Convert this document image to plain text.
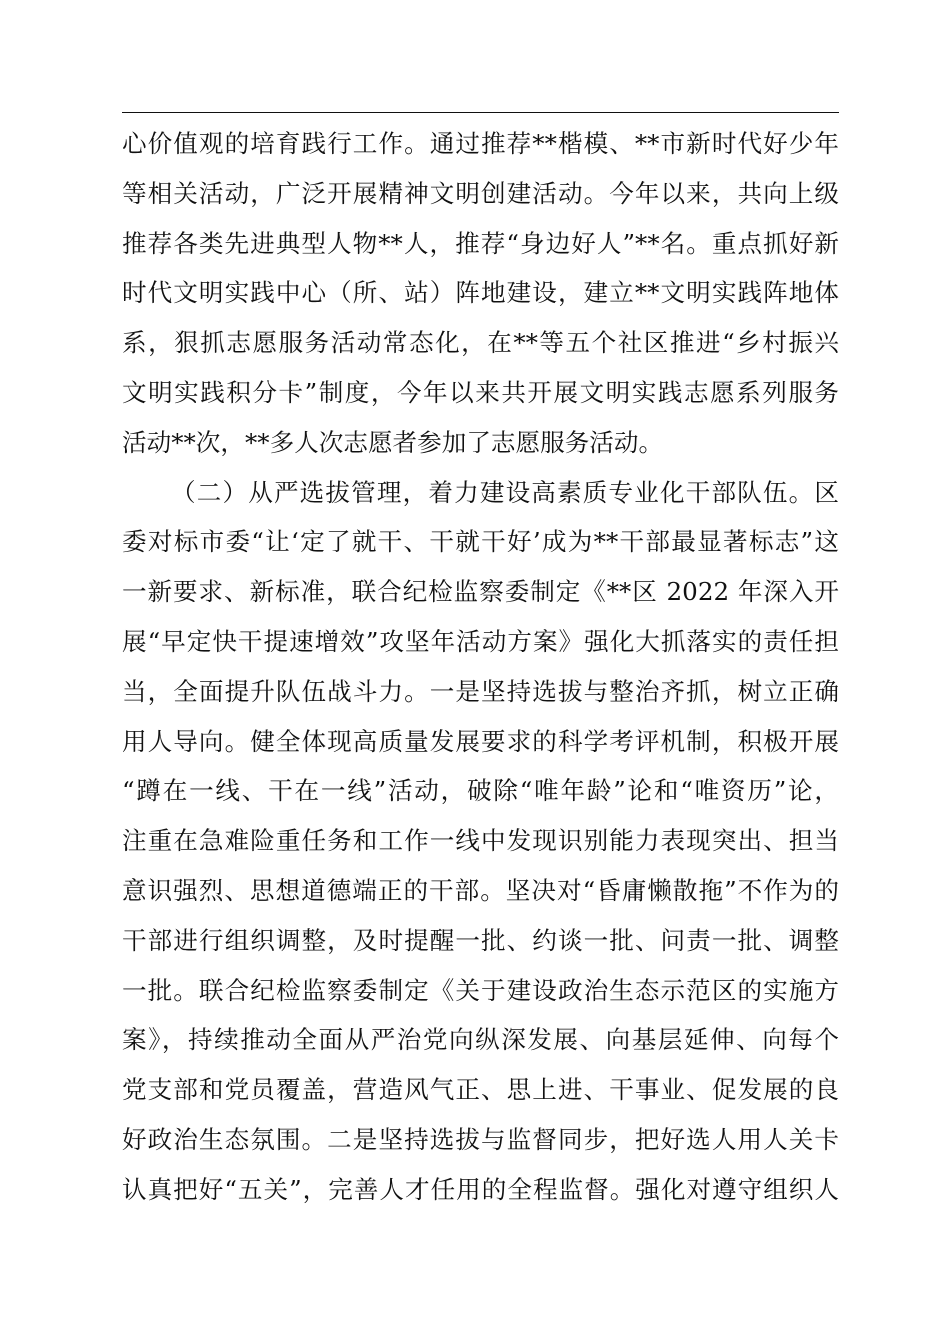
心价值观的培育践行工作。通过推荐**楷模、**市新时代好少年
等相关活动，广泛开展精神文明创建活动。今年以来，共向上级
推荐各类先进典型人物**人，推荐“身边好人”**名。重点抓好新
时代文明实践中心（所、站）阵地建设，建立**文明实践阵地体
系，狠抓志愿服务活动常态化，在**等五个社区推进“乡村振兴
文明实践积分卡”制度，今年以来共开展文明实践志愿系列服务
活动**次，**多人次志愿者参加了志愿服务活动。
（二）从严选拔管理，着力建设高素质专业化干部队伍。区
委对标市委“让‘定了就干、干就干好’成为**干部最显著标志”这
一新要求、新标准，联合纪检监察委制定《**区 2022 年深入开
展“早定快干提速增效”攻坚年活动方案》强化大抓落实的责任担
当，全面提升队伍战斗力。一是坚持选拔与整治齐抓，树立正确
用人导向。健全体现高质量发展要求的科学考评机制，积极开展
“蹲在一线、干在一线”活动，破除“唯年龄”论和“唯资历”论，
注重在急难险重任务和工作一线中发现识别能力表现突出、担当
意识强烈、思想道德端正的干部。坚决对“昏庸懒散拖”不作为的
干部进行组织调整，及时提醒一批、约谈一批、问责一批、调整
一批。联合纪检监察委制定《关于建设政治生态示范区的实施方
案》，持续推动全面从严治党向纵深发展、向基层延伸、向每个
党支部和党员覆盖，营造风气正、思上进、干事业、促发展的良
好政治生态氛围。二是坚持选拔与监督同步，把好选人用人关卡
认真把好“五关”，完善人才任用的全程监督。强化对遵守组织人
